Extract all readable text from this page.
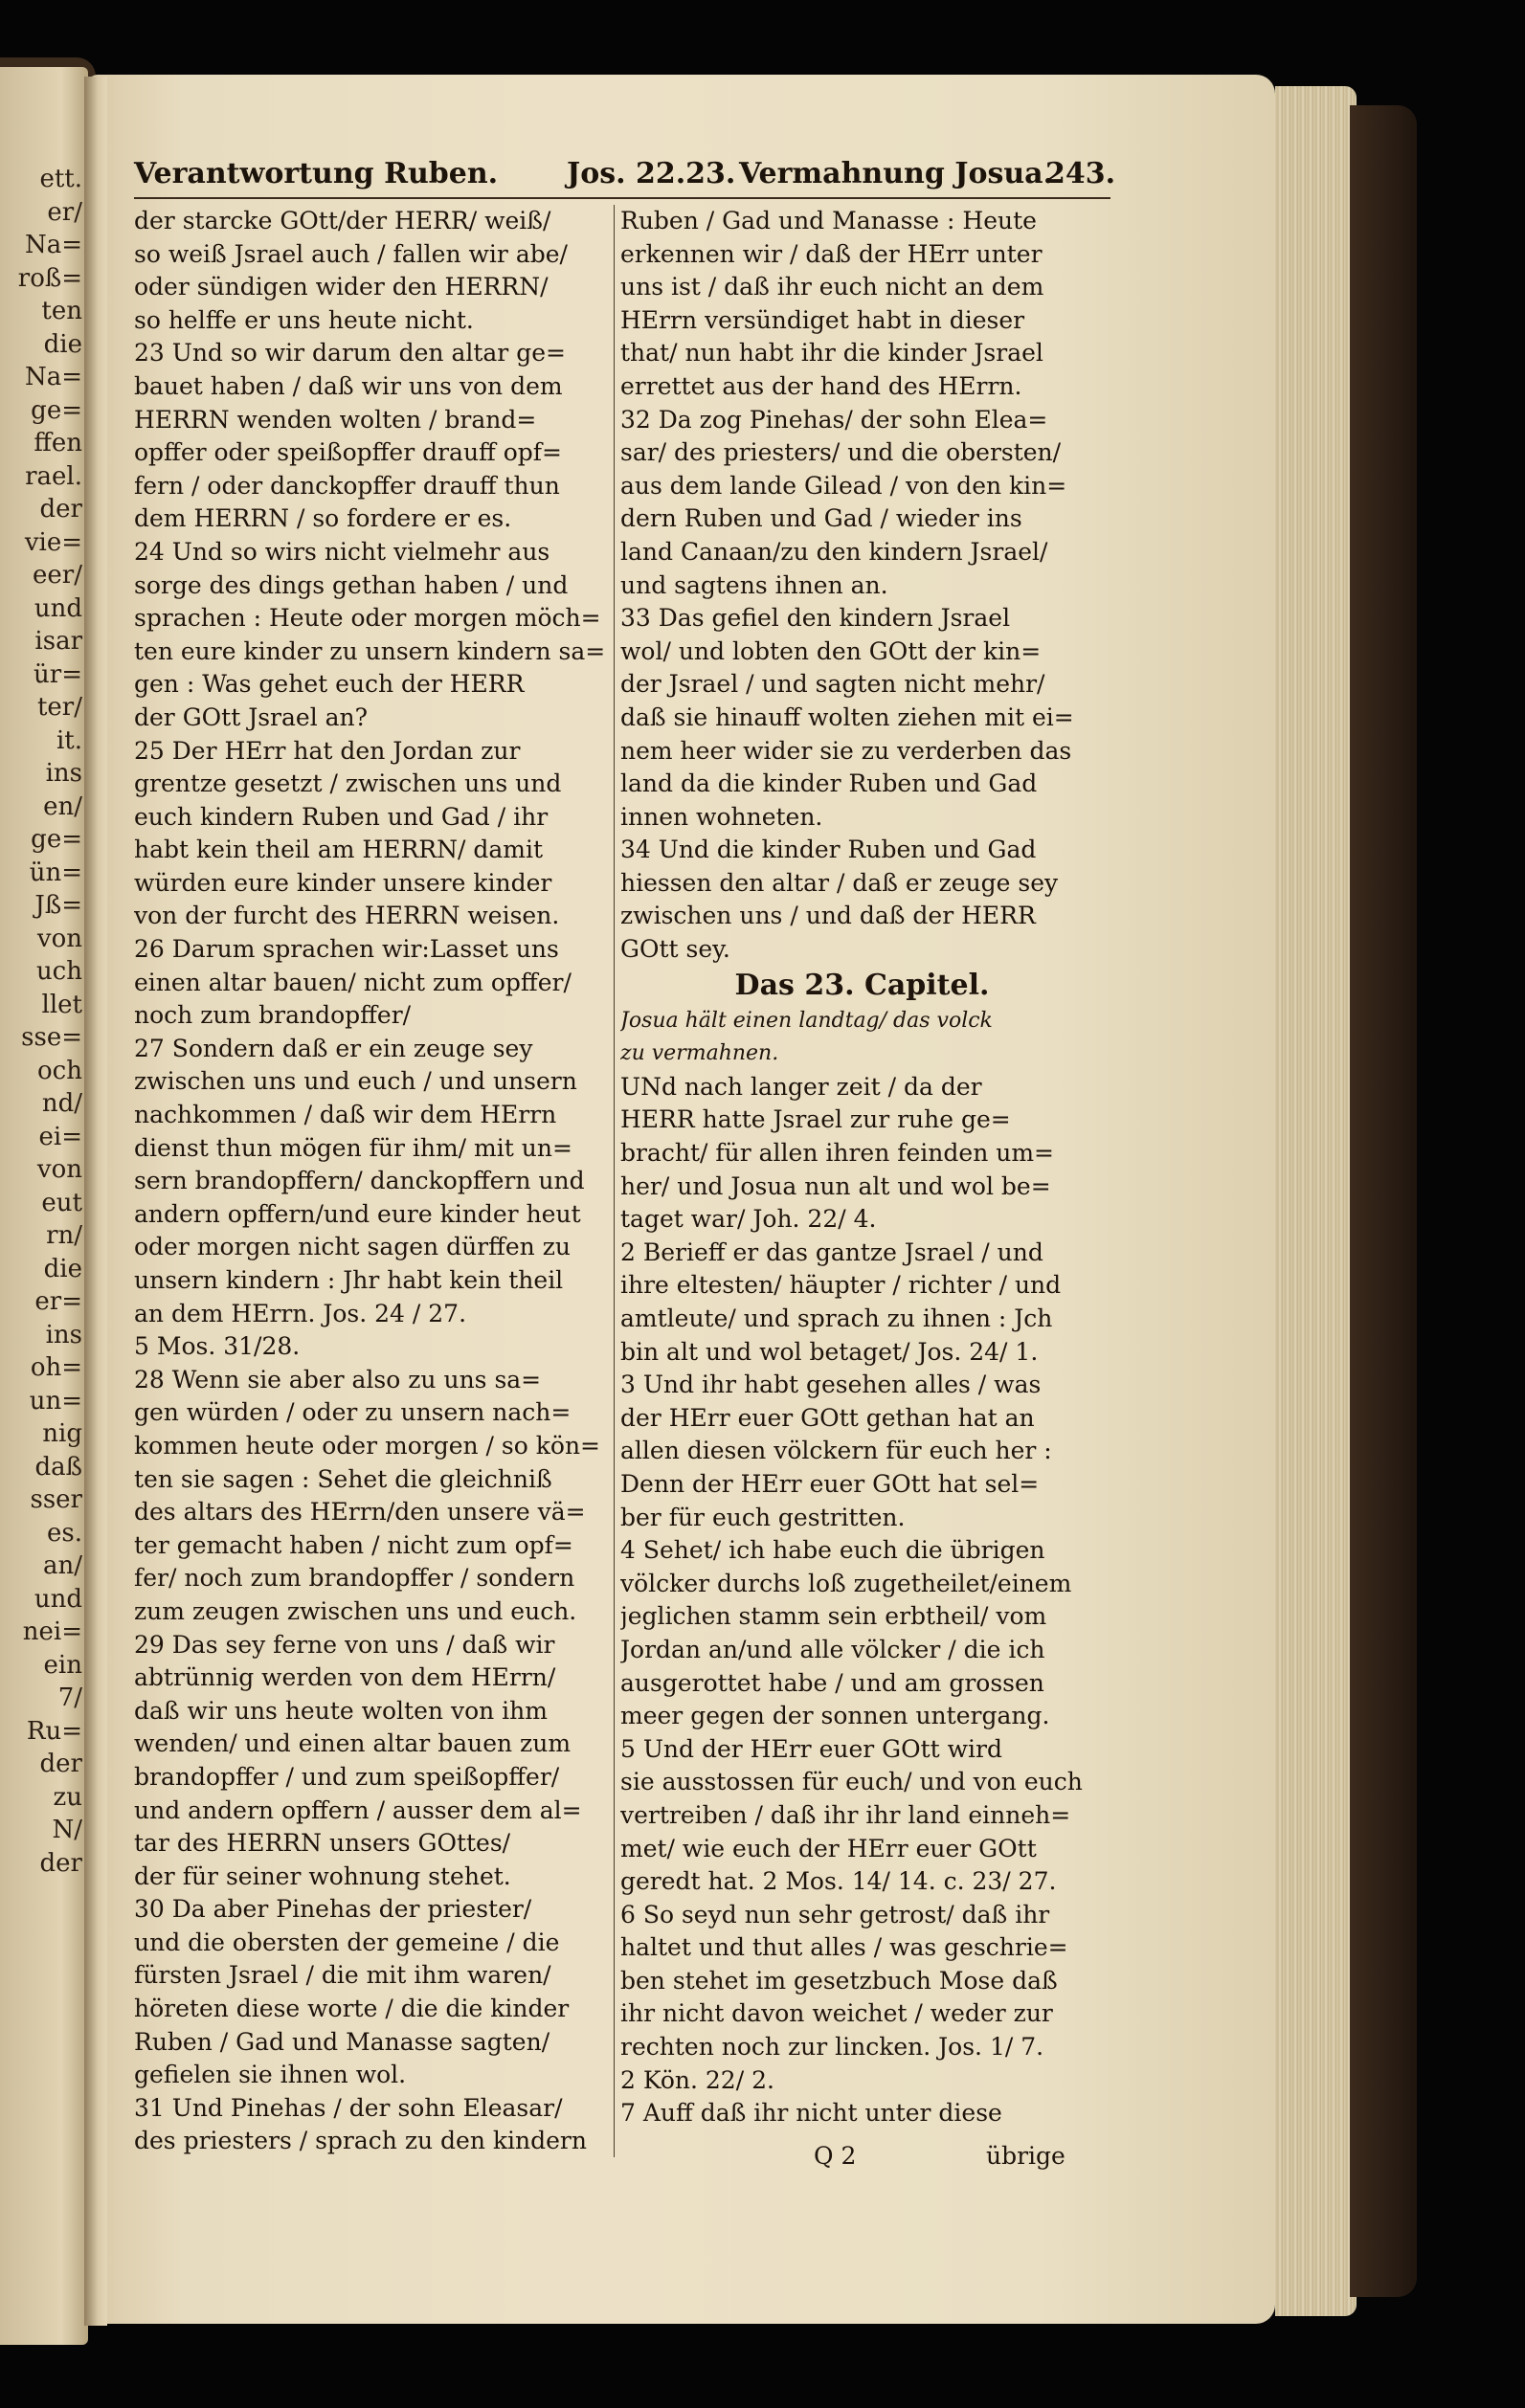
ett.
er/
Na=
roß=
ten
die
Na=
ge=
ffen
rael.
der
vie=
eer/
und
isar
ür=
ter/
it.
ins
en/
ge=
ün=
Jß=
von
uch
llet
sse=
och
nd/
ei=
von
eut
rn/
die
er=
ins
oh=
un=
nig
daß
sser
es.
an/
und
nei=
ein
7/
Ru=
der
zu
N/
der
Verantwortung Ruben. Jos. 22.23. Vermahnung Josua.
243.
der starcke GOtt/der HERR/ weiß/
so weiß Jsrael auch / fallen wir abe/
oder sündigen wider den HERRN/
so helffe er uns heute nicht.
23 Und so wir darum den altar ge=
bauet haben / daß wir uns von dem
HERRN wenden wolten / brand=
opffer oder speißopffer drauff opf=
fern / oder danckopffer drauff thun
dem HERRN / so fordere er es.
24 Und so wirs nicht vielmehr aus
sorge des dings gethan haben / und
sprachen : Heute oder morgen möch=
ten eure kinder zu unsern kindern sa=
gen : Was gehet euch der HERR
der GOtt Jsrael an?
25 Der HErr hat den Jordan zur
grentze gesetzt / zwischen uns und
euch kindern Ruben und Gad / ihr
habt kein theil am HERRN/ damit
würden eure kinder unsere kinder
von der furcht des HERRN weisen.
26 Darum sprachen wir:Lasset uns
einen altar bauen/ nicht zum opffer/
noch zum brandopffer/
27 Sondern daß er ein zeuge sey
zwischen uns und euch / und unsern
nachkommen / daß wir dem HErrn
dienst thun mögen für ihm/ mit un=
sern brandopffern/ danckopffern und
andern opffern/und eure kinder heut
oder morgen nicht sagen dürffen zu
unsern kindern : Jhr habt kein theil
an dem HErrn. Jos. 24 / 27.
5 Mos. 31/28.
28 Wenn sie aber also zu uns sa=
gen würden / oder zu unsern nach=
kommen heute oder morgen / so kön=
ten sie sagen : Sehet die gleichniß
des altars des HErrn/den unsere vä=
ter gemacht haben / nicht zum opf=
fer/ noch zum brandopffer / sondern
zum zeugen zwischen uns und euch.
29 Das sey ferne von uns / daß wir
abtrünnig werden von dem HErrn/
daß wir uns heute wolten von ihm
wenden/ und einen altar bauen zum
brandopffer / und zum speißopffer/
und andern opffern / ausser dem al=
tar des HERRN unsers GOttes/
der für seiner wohnung stehet.
30 Da aber Pinehas der priester/
und die obersten der gemeine / die
fürsten Jsrael / die mit ihm waren/
höreten diese worte / die die kinder
Ruben / Gad und Manasse sagten/
gefielen sie ihnen wol.
31 Und Pinehas / der sohn Eleasar/
des priesters / sprach zu den kindern
Ruben / Gad und Manasse : Heute
erkennen wir / daß der HErr unter
uns ist / daß ihr euch nicht an dem
HErrn versündiget habt in dieser
that/ nun habt ihr die kinder Jsrael
errettet aus der hand des HErrn.
32 Da zog Pinehas/ der sohn Elea=
sar/ des priesters/ und die obersten/
aus dem lande Gilead / von den kin=
dern Ruben und Gad / wieder ins
land Canaan/zu den kindern Jsrael/
und sagtens ihnen an.
33 Das gefiel den kindern Jsrael
wol/ und lobten den GOtt der kin=
der Jsrael / und sagten nicht mehr/
daß sie hinauff wolten ziehen mit ei=
nem heer wider sie zu verderben das
land da die kinder Ruben und Gad
innen wohneten.
34 Und die kinder Ruben und Gad
hiessen den altar / daß er zeuge sey
zwischen uns / und daß der HERR
GOtt sey.
Das 23. Capitel.
Josua hält einen landtag/ das volck
zu vermahnen.
UNd nach langer zeit / da der
HERR hatte Jsrael zur ruhe ge=
bracht/ für allen ihren feinden um=
her/ und Josua nun alt und wol be=
taget war/ Joh. 22/ 4.
2 Berieff er das gantze Jsrael / und
ihre eltesten/ häupter / richter / und
amtleute/ und sprach zu ihnen : Jch
bin alt und wol betaget/ Jos. 24/ 1.
3 Und ihr habt gesehen alles / was
der HErr euer GOtt gethan hat an
allen diesen völckern für euch her :
Denn der HErr euer GOtt hat sel=
ber für euch gestritten.
4 Sehet/ ich habe euch die übrigen
völcker durchs loß zugetheilet/einem
jeglichen stamm sein erbtheil/ vom
Jordan an/und alle völcker / die ich
ausgerottet habe / und am grossen
meer gegen der sonnen untergang.
5 Und der HErr euer GOtt wird
sie ausstossen für euch/ und von euch
vertreiben / daß ihr ihr land einneh=
met/ wie euch der HErr euer GOtt
geredt hat. 2 Mos. 14/ 14. c. 23/ 27.
6 So seyd nun sehr getrost/ daß ihr
haltet und thut alles / was geschrie=
ben stehet im gesetzbuch Mose daß
ihr nicht davon weichet / weder zur
rechten noch zur lincken. Jos. 1/ 7.
2 Kön. 22/ 2.
7 Auff daß ihr nicht unter diese
Q 2	übrige
